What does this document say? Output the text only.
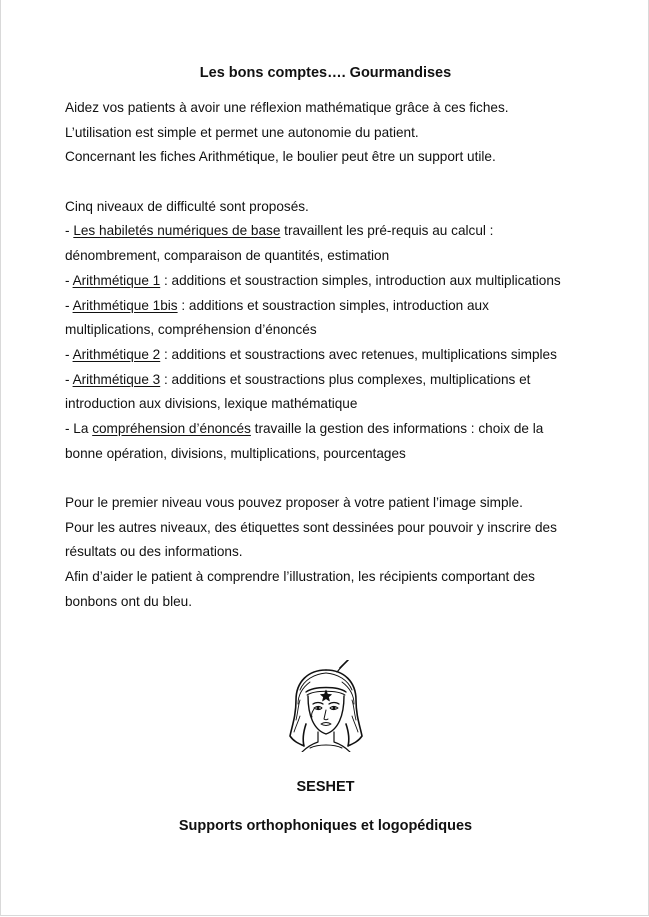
Les bons comptes…. Gourmandises
Aidez vos patients à avoir une réflexion mathématique grâce à ces fiches.
L’utilisation est simple et permet une autonomie du patient.
Concernant les fiches Arithmétique, le boulier peut être un support utile.
Cinq niveaux de difficulté sont proposés.
- Les habiletés numériques de base travaillent les pré-requis au calcul :
dénombrement, comparaison de quantités, estimation
- Arithmétique 1 : additions et soustraction simples, introduction aux multiplications
- Arithmétique 1bis : additions et soustraction simples, introduction aux
multiplications, compréhension d’énoncés
- Arithmétique 2 : additions et soustractions avec retenues, multiplications simples
- Arithmétique 3 : additions et soustractions plus complexes, multiplications et
introduction aux divisions, lexique mathématique
- La compréhension d’énoncés travaille la gestion des informations : choix de la
bonne opération, divisions, multiplications, pourcentages
Pour le premier niveau vous pouvez proposer à votre patient l’image simple.
Pour les autres niveaux, des étiquettes sont dessinées pour pouvoir y inscrire des
résultats ou des informations.
Afin d’aider le patient à comprendre l’illustration, les récipients comportant des
bonbons ont du bleu.
SESHET
Supports orthophoniques et logopédiques
